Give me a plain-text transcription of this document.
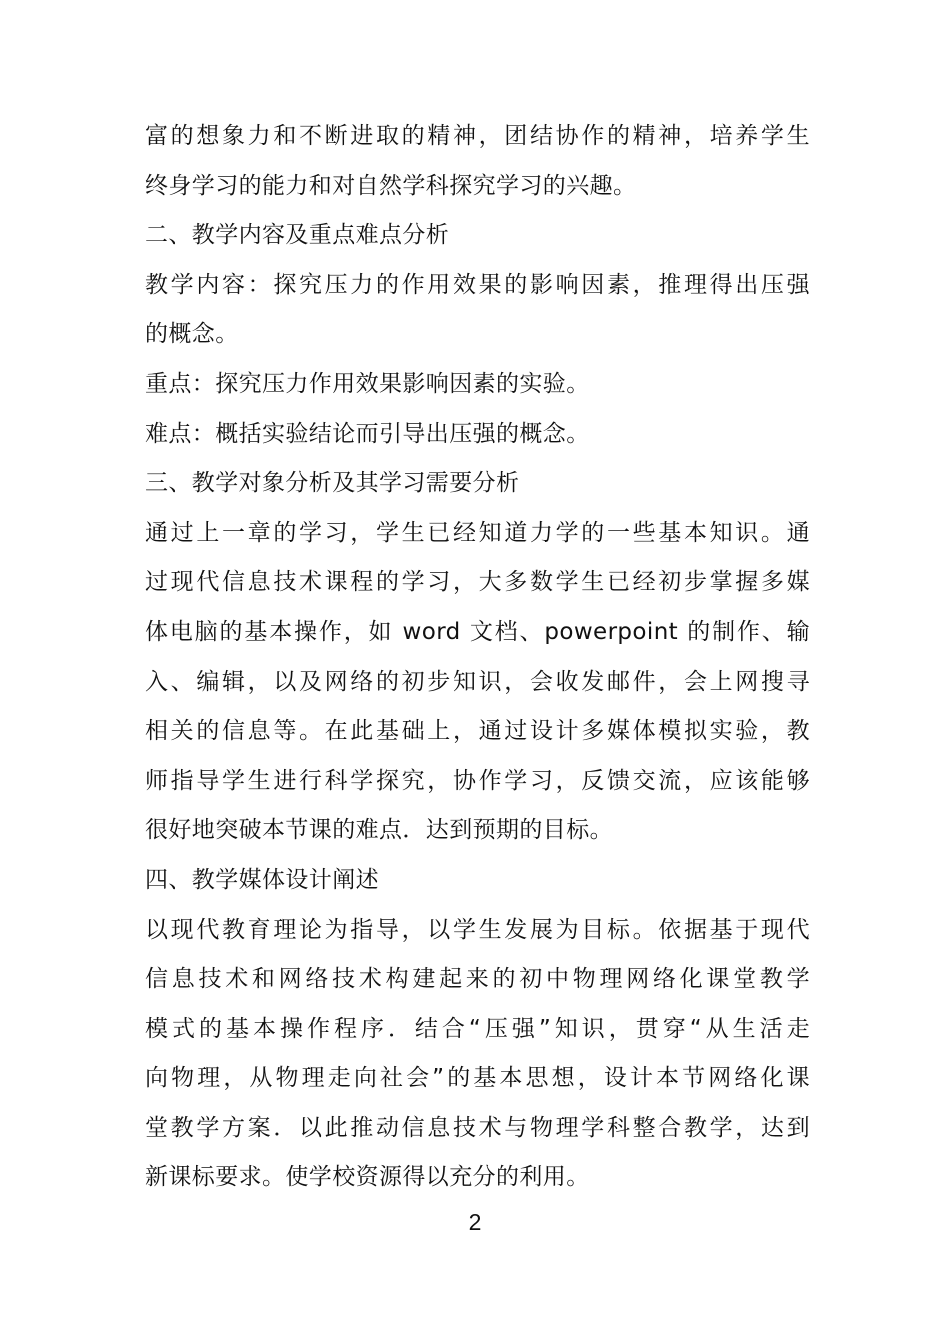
富的想象力和不断进取的精神，团结协作的精神，培养学生
终身学习的能力和对自然学科探究学习的兴趣。
二、教学内容及重点难点分析
教学内容：探究压力的作用效果的影响因素，推理得出压强
的概念。
重点：探究压力作用效果影响因素的实验。
难点：概括实验结论而引导出压强的概念。
三、教学对象分析及其学习需要分析
通过上一章的学习，学生已经知道力学的一些基本知识。通
过现代信息技术课程的学习，大多数学生已经初步掌握多媒
体电脑的基本操作，如 word 文档、powerpoint 的制作、输
入、编辑，以及网络的初步知识，会收发邮件，会上网搜寻
相关的信息等。在此基础上，通过设计多媒体模拟实验，教
师指导学生进行科学探究，协作学习，反馈交流，应该能够
很好地突破本节课的难点．达到预期的目标。
四、教学媒体设计阐述
以现代教育理论为指导，以学生发展为目标。依据基于现代
信息技术和网络技术构建起来的初中物理网络化课堂教学
模式的基本操作程序．结合“压强”知识，贯穿“从生活走
向物理，从物理走向社会”的基本思想，设计本节网络化课
堂教学方案．以此推动信息技术与物理学科整合教学，达到
新课标要求。使学校资源得以充分的利用。
2
